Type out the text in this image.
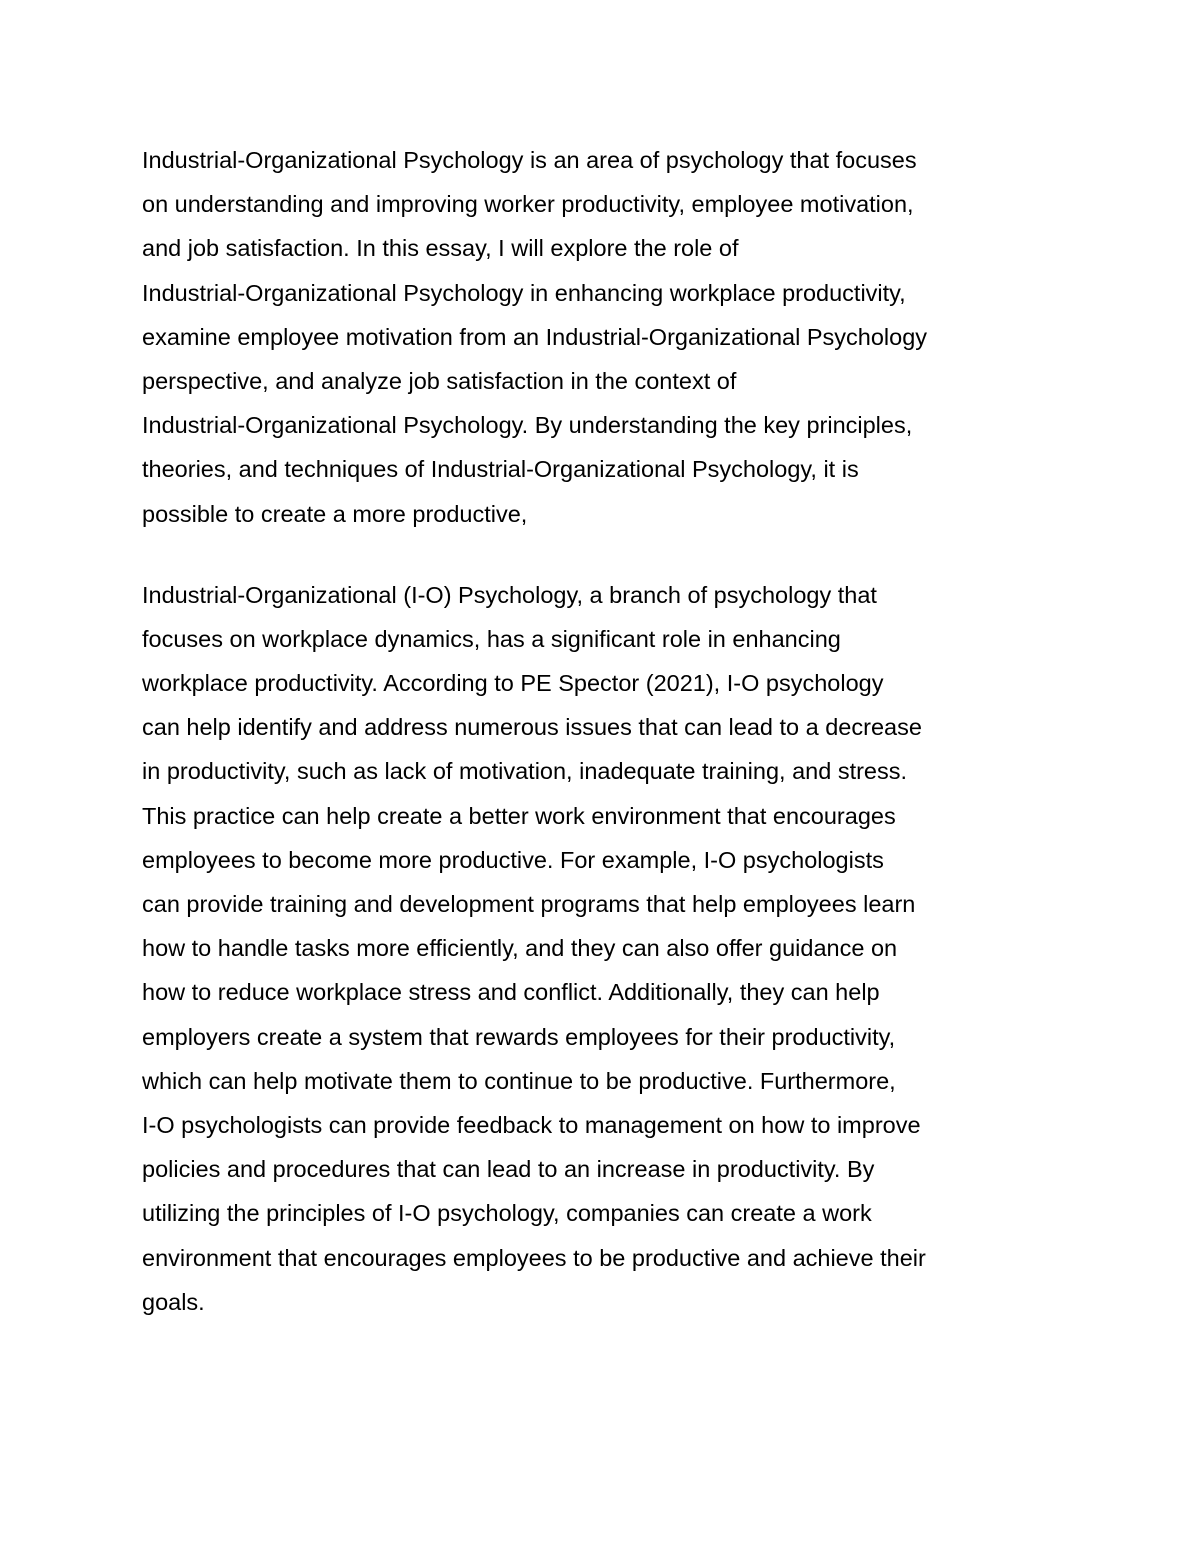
Industrial-Organizational Psychology is an area of psychology that focuses
on understanding and improving worker productivity, employee motivation,
and job satisfaction. In this essay, I will explore the role of
Industrial-Organizational Psychology in enhancing workplace productivity,
examine employee motivation from an Industrial-Organizational Psychology
perspective, and analyze job satisfaction in the context of
Industrial-Organizational Psychology. By understanding the key principles,
theories, and techniques of Industrial-Organizational Psychology, it is
possible to create a more productive,
Industrial-Organizational (I-O) Psychology, a branch of psychology that
focuses on workplace dynamics, has a significant role in enhancing
workplace productivity. According to PE Spector (2021), I-O psychology
can help identify and address numerous issues that can lead to a decrease
in productivity, such as lack of motivation, inadequate training, and stress.
This practice can help create a better work environment that encourages
employees to become more productive. For example, I-O psychologists
can provide training and development programs that help employees learn
how to handle tasks more efficiently, and they can also offer guidance on
how to reduce workplace stress and conflict. Additionally, they can help
employers create a system that rewards employees for their productivity,
which can help motivate them to continue to be productive. Furthermore,
I-O psychologists can provide feedback to management on how to improve
policies and procedures that can lead to an increase in productivity. By
utilizing the principles of I-O psychology, companies can create a work
environment that encourages employees to be productive and achieve their
goals.
